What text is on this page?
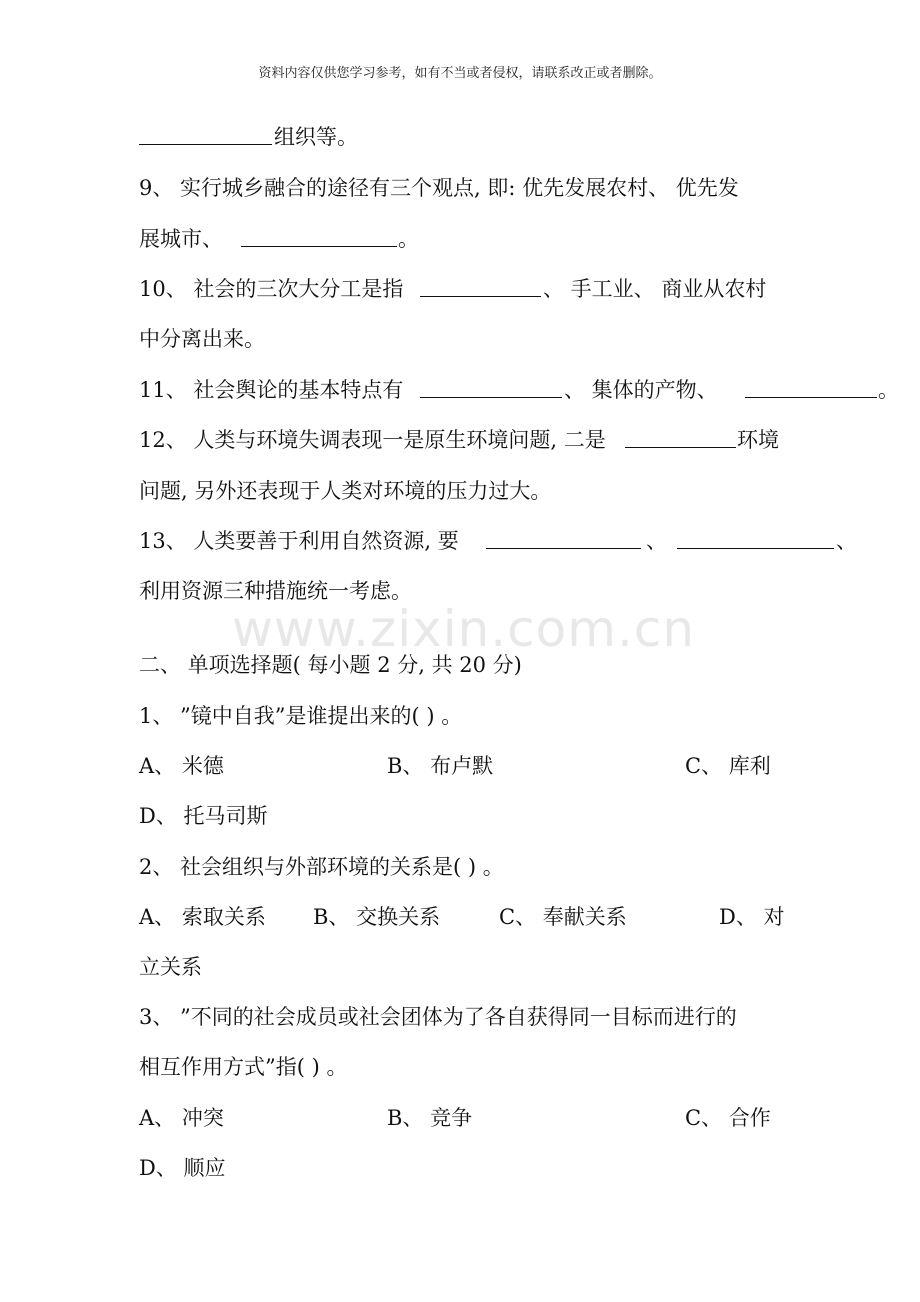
资料内容仅供您学习参考，如有不当或者侵权，请联系改正或者删除。
www.zixin.com.cn
组织等。
9、 实行城乡融合的途径有三个观点, 即: 优先发展农村、 优先发
展城市、	。
10、 社会的三次大分工是指	、 手工业、 商业从农村
中分离出来。
11、 社会舆论的基本特点有	、 集体的产物、	。
12、 人类与环境失调表现一是原生环境问题, 二是	环境
问题, 另外还表现于人类对环境的压力过大。
13、 人类要善于利用自然资源, 要	、	、
利用资源三种措施统一考虑。
二、 单项选择题( 每小题 2 分, 共 20 分)
1、 ”镜中自我”是谁提出来的( ) 。
A、 米德	B、 布卢默	C、 库利
D、 托马司斯
2、 社会组织与外部环境的关系是( ) 。
A、 索取关系 B、 交换关系	C、 奉献关系	D、 对
立关系
3、 ”不同的社会成员或社会团体为了各自获得同一目标而进行的
相互作用方式”指( ) 。
A、 冲突	B、 竞争	C、 合作
D、 顺应
